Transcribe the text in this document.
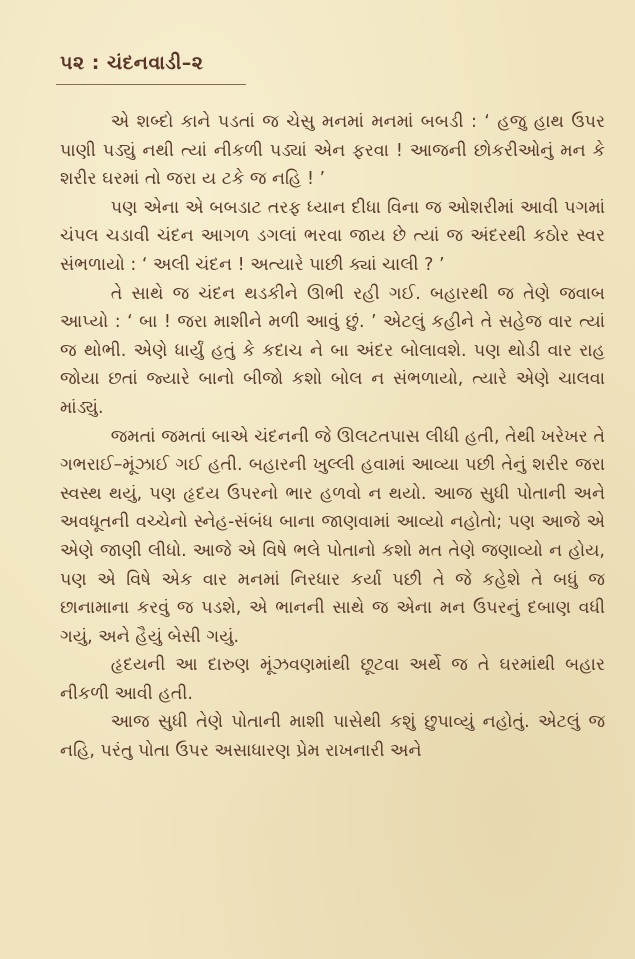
૫૨ : ચંદનવાડી–૨

એ શબ્દો કાને પડતાં જ ચેસુ મનમાં મનમાં બબડી : ‘ હજુ હાથ ઉપર પાણી પડ્યું નથી ત્યાં નીકળી પડ્યાં એન ફરવા ! આજની છોકરીઓનું મન કે શરીર ઘરમાં તો જરા ય ટકે જ નહિ ! ’

પણ એના એ બબડાટ તરફ ધ્યાન દીધા વિના જ ઓશરીમાં આવી પગમાં ચંપલ ચડાવી ચંદન આગળ ડગલાં ભરવા જાય છે ત્યાં જ અંદરથી કઠોર સ્વર સંભળાયો : ‘ અલી ચંદન ! અત્યારે પાછી ક્યાં ચાલી ? ’

તે સાથે જ ચંદન થડકીને ઊભી રહી ગઈ. બહારથી જ તેણે જવાબ આપ્યો : ‘ બા ! જરા માશીને મળી આવું છું. ’ એટલું કહીને તે સહેજ વાર ત્યાં જ થોભી. એણે ધાર્યું હતું કે કદાચ ને બા અંદર બોલાવશે. પણ થોડી વાર રાહ જોયા છતાં જ્યારે બાનો બીજો કશો બોલ ન સંભળાયો, ત્યારે એણે ચાલવા માંડ્યું.

જમતાં જમતાં બાએ ચંદનની જે ઊલટતપાસ લીધી હતી, તેથી ખરેખર તે ગભરાઈ–મૂંઝાઈ ગઈ હતી. બહારની ખુલ્લી હવામાં આવ્યા પછી તેનું શરીર જરા સ્વસ્થ થયું, પણ હૃદય ઉપરનો ભાર હળવો ન થયો. આજ સુધી પોતાની અને અવધૂતની વચ્ચેનો સ્નેહ-સંબંધ બાના જાણવામાં આવ્યો નહોતો; પણ આજે એ એણે જાણી લીધો. આજે એ વિષે ભલે પોતાનો કશો મત તેણે જણાવ્યો ન હોય, પણ એ વિષે એક વાર મનમાં નિરધાર કર્યા પછી તે જે કહેશે તે બધું જ છાનામાના કરવું જ પડશે, એ ભાનની સાથે જ એના મન ઉપરનું દબાણ વધી ગયું, અને હૈયું બેસી ગયું.

હૃદયની આ દારુણ મૂંઝવણમાંથી છૂટવા અર્થે જ તે ઘરમાંથી બહાર નીકળી આવી હતી.

આજ સુધી તેણે પોતાની માશી પાસેથી કશું છુપાવ્યું નહોતું. એટલું જ નહિ, પરંતુ પોતા ઉપર અસાધારણ પ્રેમ રાખનારી અને
